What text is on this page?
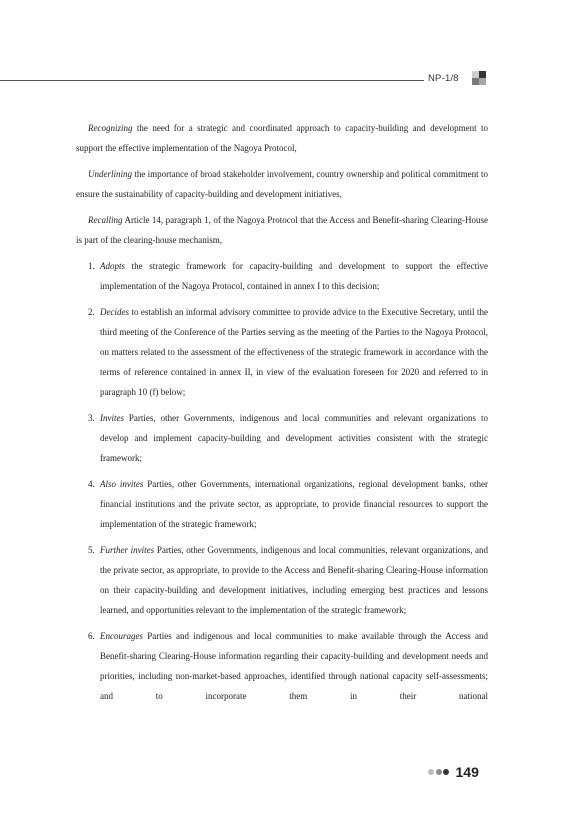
NP-1/8

Recognizing the need for a strategic and coordinated approach to capacity-building and development to support the effective implementation of the Nagoya Protocol,

Underlining the importance of broad stakeholder involvement, country ownership and political commitment to ensure the sustainability of capacity-building and development initiatives,

Recalling Article 14, paragraph 1, of the Nagoya Protocol that the Access and Benefit-sharing Clearing-House is part of the clearing-house mechanism,

1. Adopts the strategic framework for capacity-building and development to support the effective implementation of the Nagoya Protocol, contained in annex I to this decision;
2. Decides to establish an informal advisory committee to provide advice to the Executive Secretary, until the third meeting of the Conference of the Parties serving as the meeting of the Parties to the Nagoya Protocol, on matters related to the assessment of the effectiveness of the strategic framework in accordance with the terms of reference contained in annex II, in view of the evaluation foreseen for 2020 and referred to in paragraph 10 (f) below;
3. Invites Parties, other Governments, indigenous and local communities and relevant organizations to develop and implement capacity-building and development activities consistent with the strategic framework;
4. Also invites Parties, other Governments, international organizations, regional development banks, other financial institutions and the private sector, as appropriate, to provide financial resources to support the implementation of the strategic framework;
5. Further invites Parties, other Governments, indigenous and local communities, relevant organizations, and the private sector, as appropriate, to provide to the Access and Benefit-sharing Clearing-House information on their capacity-building and development initiatives, including emerging best practices and lessons learned, and opportunities relevant to the implementation of the strategic framework;
6. Encourages Parties and indigenous and local communities to make available through the Access and Benefit-sharing Clearing-House information regarding their capacity-building and development needs and priorities, including non-market-based approaches, identified through national capacity self-assessments; and to incorporate them in their national
149
